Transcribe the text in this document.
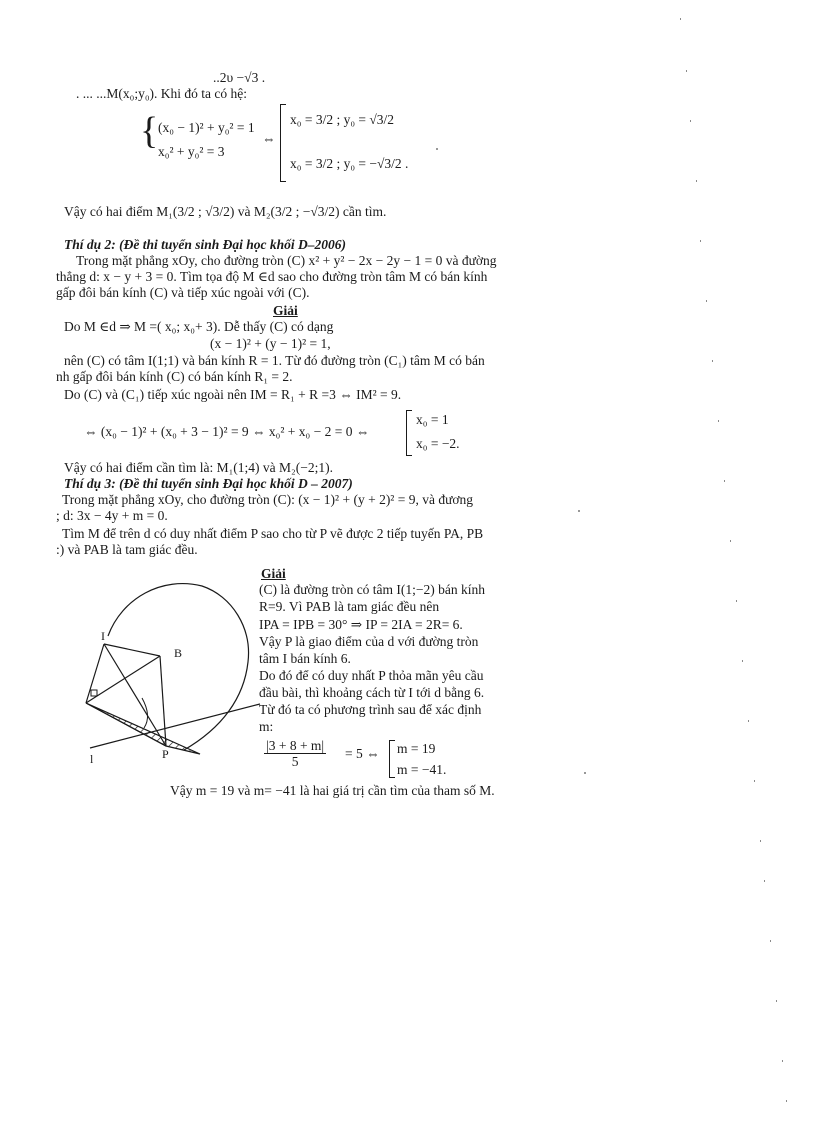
..2υ −√3 .
. ... ...M(x₀;y₀). Khi đó ta có hệ:
{ (x₀ − 1)² + y₀² = 1
x₀² + y₀² = 3
⇔
x₀ = 3/2 ; y₀ = √3/2
x₀ = 3/2 ; y₀ = −√3/2 .
Vậy có hai điểm M₁(3/2 ; √3/2) và M₂(3/2 ; −√3/2) cần tìm.
Thí dụ 2: (Đề thi tuyển sinh Đại học khối D–2006)
Trong mặt phẳng xOy, cho đường tròn (C) x² + y² − 2x − 2y − 1 = 0 và đường
thẳng d: x − y + 3 = 0. Tìm tọa độ M ∈d sao cho đường tròn tâm M có bán kính
gấp đôi bán kính (C) và tiếp xúc ngoài với (C).
Giải
Do M ∈d ⇒ M =( x₀; x₀+ 3). Dễ thấy (C) có dạng
(x − 1)² + (y − 1)² = 1,
nên (C) có tâm I(1;1) và bán kính R = 1. Từ đó đường tròn (C₁) tâm M có bán
nh gấp đôi bán kính (C) có bán kính R₁ = 2.
Do (C) và (C₁) tiếp xúc ngoài nên IM = R₁ + R =3 ⇔ IM² = 9.
⇔ (x₀ − 1)² + (x₀ + 3 − 1)² = 9 ⇔ x₀² + x₀ − 2 = 0 ⇔
x₀ = 1
x₀ = −2.
Vậy có hai điểm cần tìm là: M₁(1;4) và M₂(−2;1).
Thí dụ 3: (Đề thi tuyển sinh Đại học khối D – 2007)
Trong mặt phẳng xOy, cho đường tròn (C): (x − 1)² + (y + 2)² = 9, và đương
; d: 3x − 4y + m = 0.
Tìm M để trên d có duy nhất điểm P sao cho từ P vẽ được 2 tiếp tuyến PA, PB
:) và PAB là tam giác đều.
I
B
P
l
Giải
(C) là đường tròn có tâm I(1;−2) bán kính
R=9. Vì PAB là tam giác đều nên
IPA = IPB = 30° ⇒ IP = 2IA = 2R= 6.
Vậy P là giao điểm của d với đường tròn
tâm I bán kính 6.
Do đó để có duy nhất P thỏa mãn yêu cầu
đầu bài, thì khoảng cách từ I tới d bằng 6.
Từ đó ta có phương trình sau để xác định
m:
$\frac{|3 + 8 + m|}{5} = 5$ ⇔ m = 19
m = −41.
Vậy m = 19 và m= −41 là hai giá trị cần tìm của tham số M.
